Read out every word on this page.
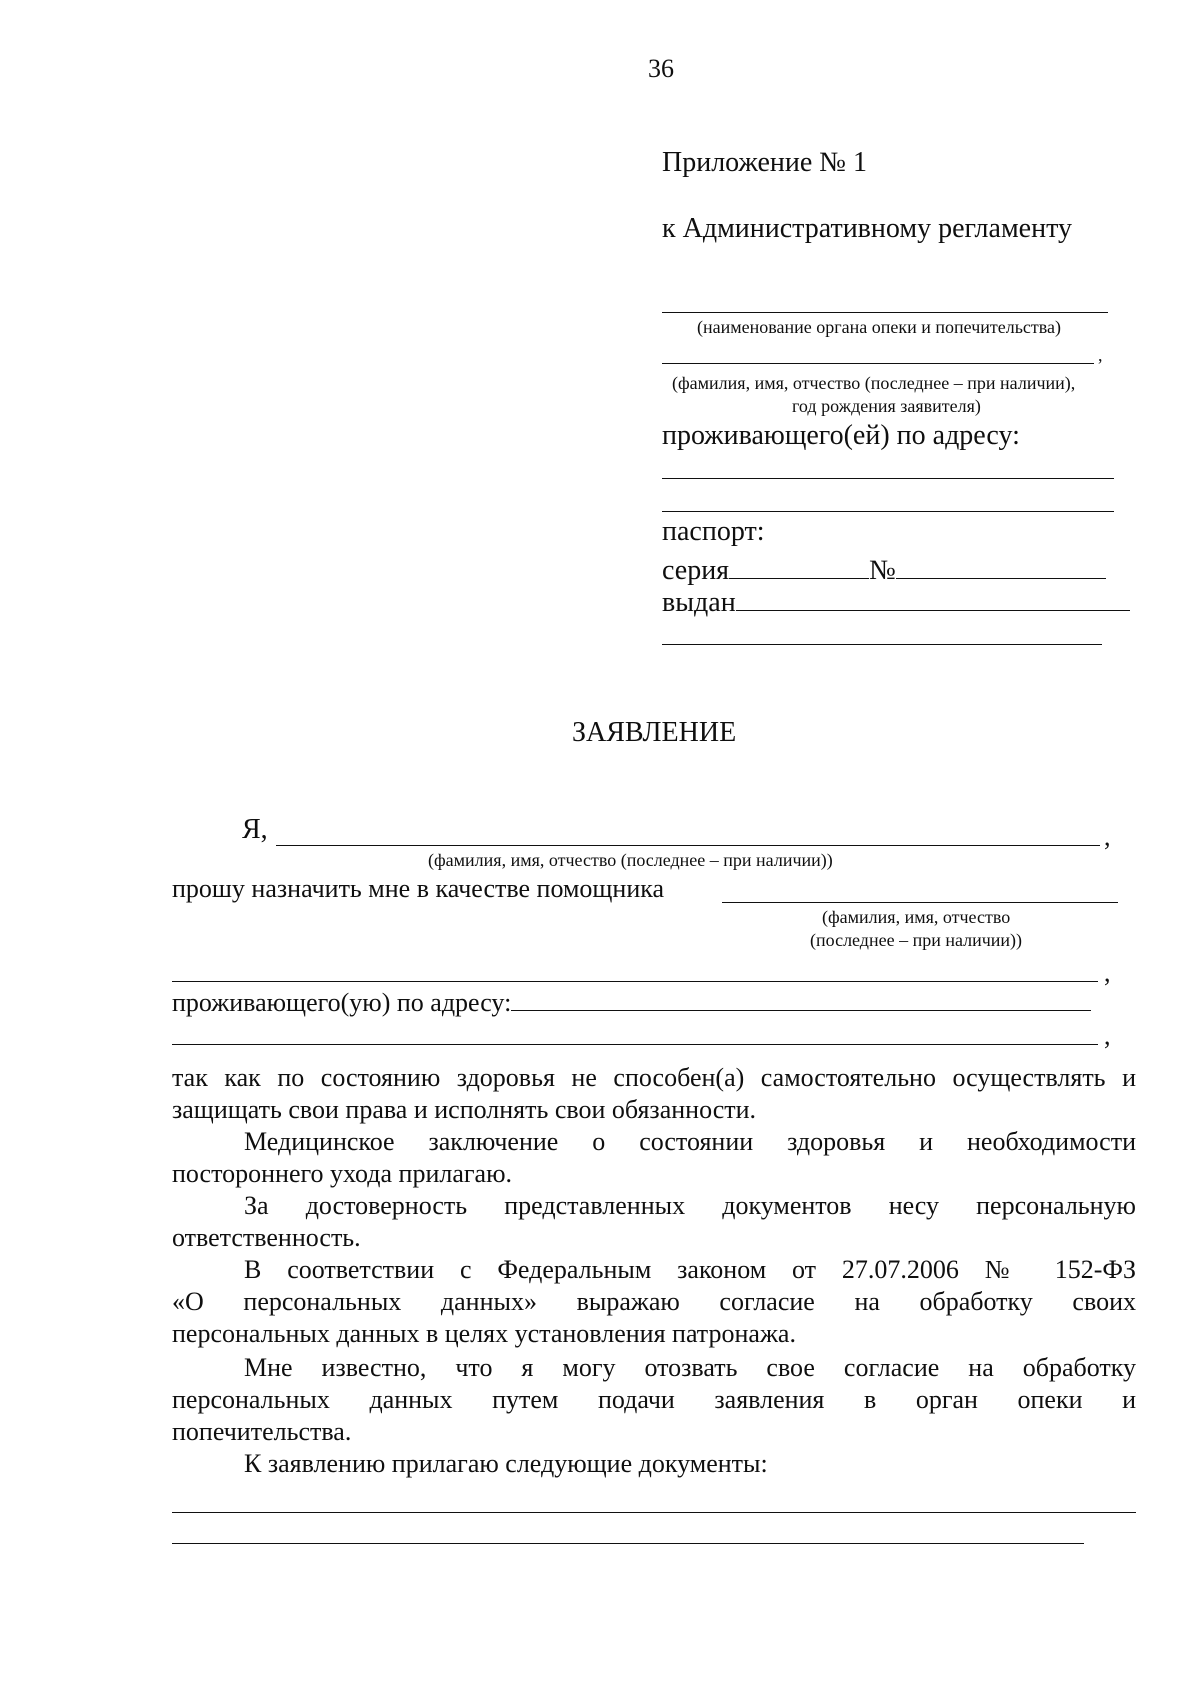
36
Приложение № 1
к Административному регламенту
(наименование органа опеки и попечительства)
,
(фамилия, имя, отчество (последнее – при наличии),
год рождения заявителя)
проживающего(ей) по адресу:
паспорт:
серия	№
выдан
ЗАЯВЛЕНИЕ
Я,	,
(фамилия, имя, отчество (последнее – при наличии))
прошу назначить мне в качестве помощника
(фамилия, имя, отчество
(последнее – при наличии))
,
проживающего(ую) по адресу:
,
так как по состоянию здоровья не способен(а) самостоятельно осуществлять и
защищать свои права и исполнять свои обязанности.
Медицинское заключение о состоянии здоровья и необходимости
постороннего ухода прилагаю.
За достоверность представленных документов несу персональную
ответственность.
В соответствии с Федеральным законом от 27.07.2006 № 152-ФЗ
«О персональных данных» выражаю согласие на обработку своих
персональных данных в целях установления патронажа.
Мне известно, что я могу отозвать свое согласие на обработку
персональных данных путем подачи заявления в орган опеки и
попечительства.
К заявлению прилагаю следующие документы:
